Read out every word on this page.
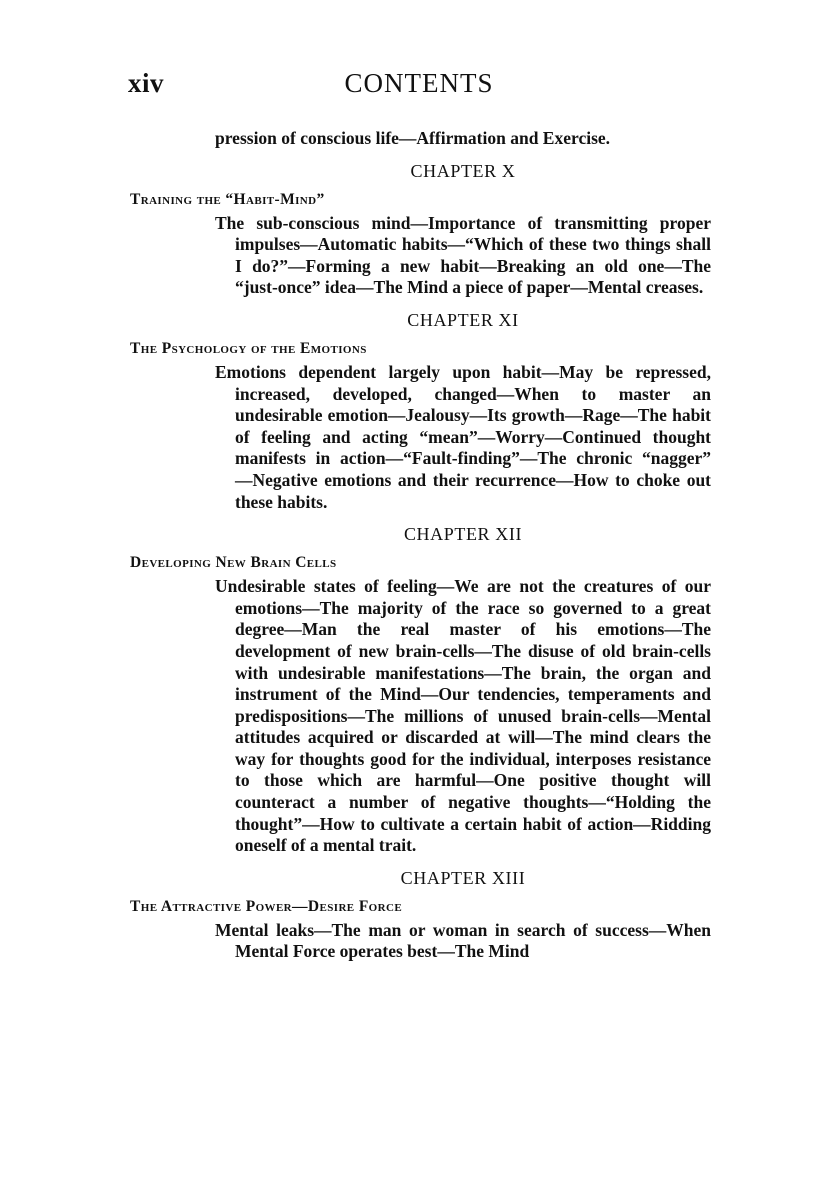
xiv	CONTENTS

pression of conscious life—Affirmation and Exercise.

CHAPTER X
Training the “Habit-Mind”

The sub-conscious mind—Importance of transmitting proper impulses—Automatic habits—“Which of these two things shall I do?”—Forming a new habit—Breaking an old one—The “just-once” idea—The Mind a piece of paper—Mental creases.

CHAPTER XI
The Psychology of the Emotions

Emotions dependent largely upon habit—May be repressed, increased, developed, changed—When to master an undesirable emotion—Jealousy—Its growth—Rage—The habit of feeling and acting “mean”—Worry—Continued thought manifests in action—“Fault-finding”—The chronic “nagger” —Negative emotions and their recurrence—How to choke out these habits.

CHAPTER XII
Developing New Brain Cells

Undesirable states of feeling—We are not the creatures of our emotions—The majority of the race so governed to a great degree—Man the real master of his emotions—The development of new brain-cells—The disuse of old brain-cells with undesirable manifestations—The brain, the organ and instrument of the Mind—Our tendencies, temperaments and predispositions—The millions of unused brain-cells—Mental attitudes acquired or discarded at will—The mind clears the way for thoughts good for the individual, interposes resistance to those which are harmful—One positive thought will counteract a number of negative thoughts—“Holding the thought”—How to cultivate a certain habit of action—Ridding oneself of a mental trait.

CHAPTER XIII
The Attractive Power—Desire Force

Mental leaks—The man or woman in search of success—When Mental Force operates best—The Mind
